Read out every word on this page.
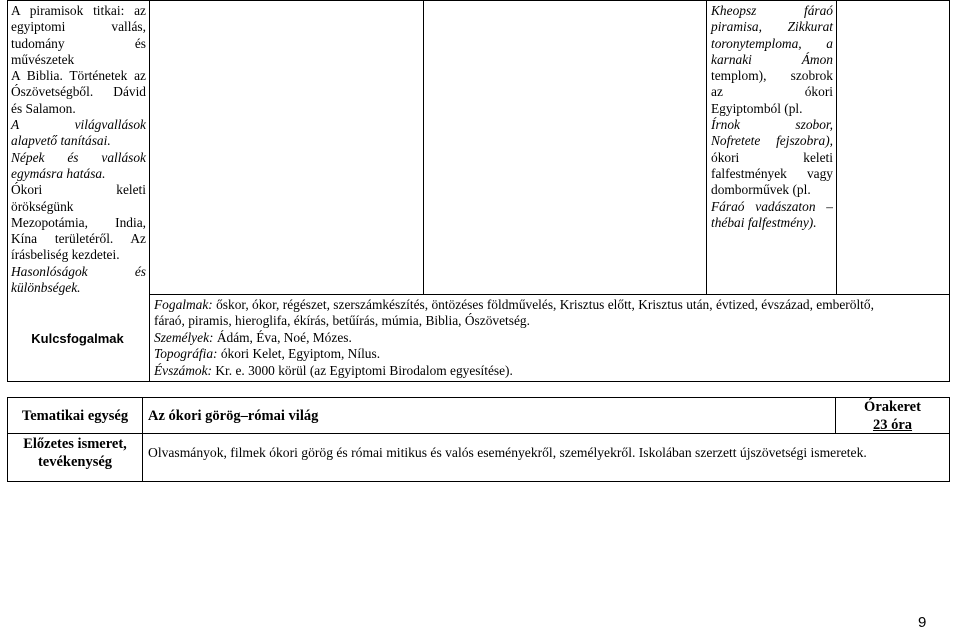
A piramisok titkai: az
egyiptomi vallás,
tudomány és
művészetek
A Biblia. Történetek az
Ószövetségből. Dávid
és Salamon.
A világvallások
alapvető tanításai.
Népek és vallások
egymásra hatása.
Ókori keleti
örökségünk
Mezopotámia, India,
Kína területéről. Az
írásbeliség kezdetei.
Hasonlóságok és
különbségek.
Kulcsfogalmak
Kheopsz fáraó
piramisa, Zikkurat
toronytemploma, a
karnaki Ámon
templom), szobrok
az ókori
Egyiptomból (pl.
Írnok szobor,
Nofretete fejszobra),
ókori keleti
falfestmények vagy
domborművek (pl.
Fáraó vadászaton –
thébai falfestmény).
Fogalmak: őskor, ókor, régészet, szerszámkészítés, öntözéses földművelés, Krisztus előtt, Krisztus után, évtized, évszázad, emberöltő,
fáraó, piramis, hieroglifa, ékírás, betűírás, múmia, Biblia, Ószövetség.
Személyek: Ádám, Éva, Noé, Mózes.
Topográfia: ókori Kelet, Egyiptom, Nílus.
Évszámok: Kr. e. 3000 körül (az Egyiptomi Birodalom egyesítése).
Tematikai egység	Az ókori görög–római világ
Órakeret
23 óra
Előzetes ismeret,
tevékenység
Olvasmányok, filmek ókori görög és római mitikus és valós eseményekről, személyekről. Iskolában szerzett újszövetségi ismeretek.
9
